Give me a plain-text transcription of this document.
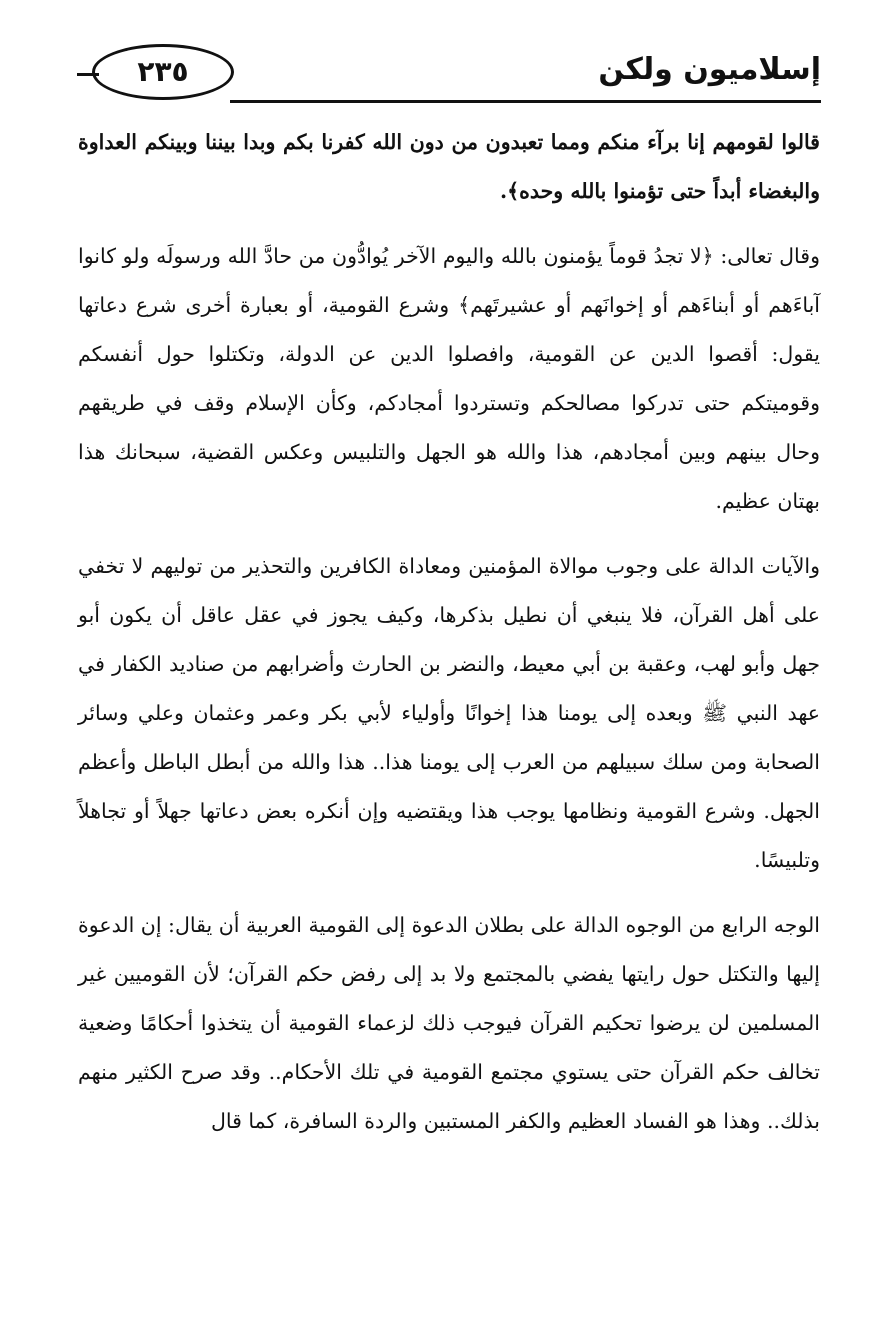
٢٣٥	إسلاميون ولكن

قالوا لقومهم إنا برآء منكم ومما تعبدون من دون الله كفرنا بكم وبدا بيننا وبينكم العداوة والبغضاء أبداً حتى تؤمنوا بالله وحده﴾.

وقال تعالى: ﴿لا تجدُ قوماً يؤمنون بالله واليوم الآخر يُوادُّون من حادَّ الله ورسولَه ولو كانوا آباءَهم أو أبناءَهم أو إخوانَهم أو عشيرتَهم﴾ وشرع القومية، أو بعبارة أخرى شرع دعاتها يقول: أقصوا الدين عن القومية، وافصلوا الدين عن الدولة، وتكتلوا حول أنفسكم وقوميتكم حتى تدركوا مصالحكم وتستردوا أمجادكم، وكأن الإسلام وقف في طريقهم وحال بينهم وبين أمجادهم، هذا والله هو الجهل والتلبيس وعكس القضية، سبحانك هذا بهتان عظيم.

والآيات الدالة على وجوب موالاة المؤمنين ومعاداة الكافرين والتحذير من توليهم لا تخفي على أهل القرآن، فلا ينبغي أن نطيل بذكرها، وكيف يجوز في عقل عاقل أن يكون أبو جهل وأبو لهب، وعقبة بن أبي معيط، والنضر بن الحارث وأضرابهم من صناديد الكفار في عهد النبي ﷺ وبعده إلى يومنا هذا إخوانًا وأولياء لأبي بكر وعمر وعثمان وعلي وسائر الصحابة ومن سلك سبيلهم من العرب إلى يومنا هذا.. هذا والله من أبطل الباطل وأعظم الجهل. وشرع القومية ونظامها يوجب هذا ويقتضيه وإن أنكره بعض دعاتها جهلاً أو تجاهلاً وتلبيسًا.

الوجه الرابع من الوجوه الدالة على بطلان الدعوة إلى القومية العربية أن يقال: إن الدعوة إليها والتكتل حول رايتها يفضي بالمجتمع ولا بد إلى رفض حكم القرآن؛ لأن القوميين غير المسلمين لن يرضوا تحكيم القرآن فيوجب ذلك لزعماء القومية أن يتخذوا أحكامًا وضعية تخالف حكم القرآن حتى يستوي مجتمع القومية في تلك الأحكام.. وقد صرح الكثير منهم بذلك.. وهذا هو الفساد العظيم والكفر المستبين والردة السافرة، كما قال
